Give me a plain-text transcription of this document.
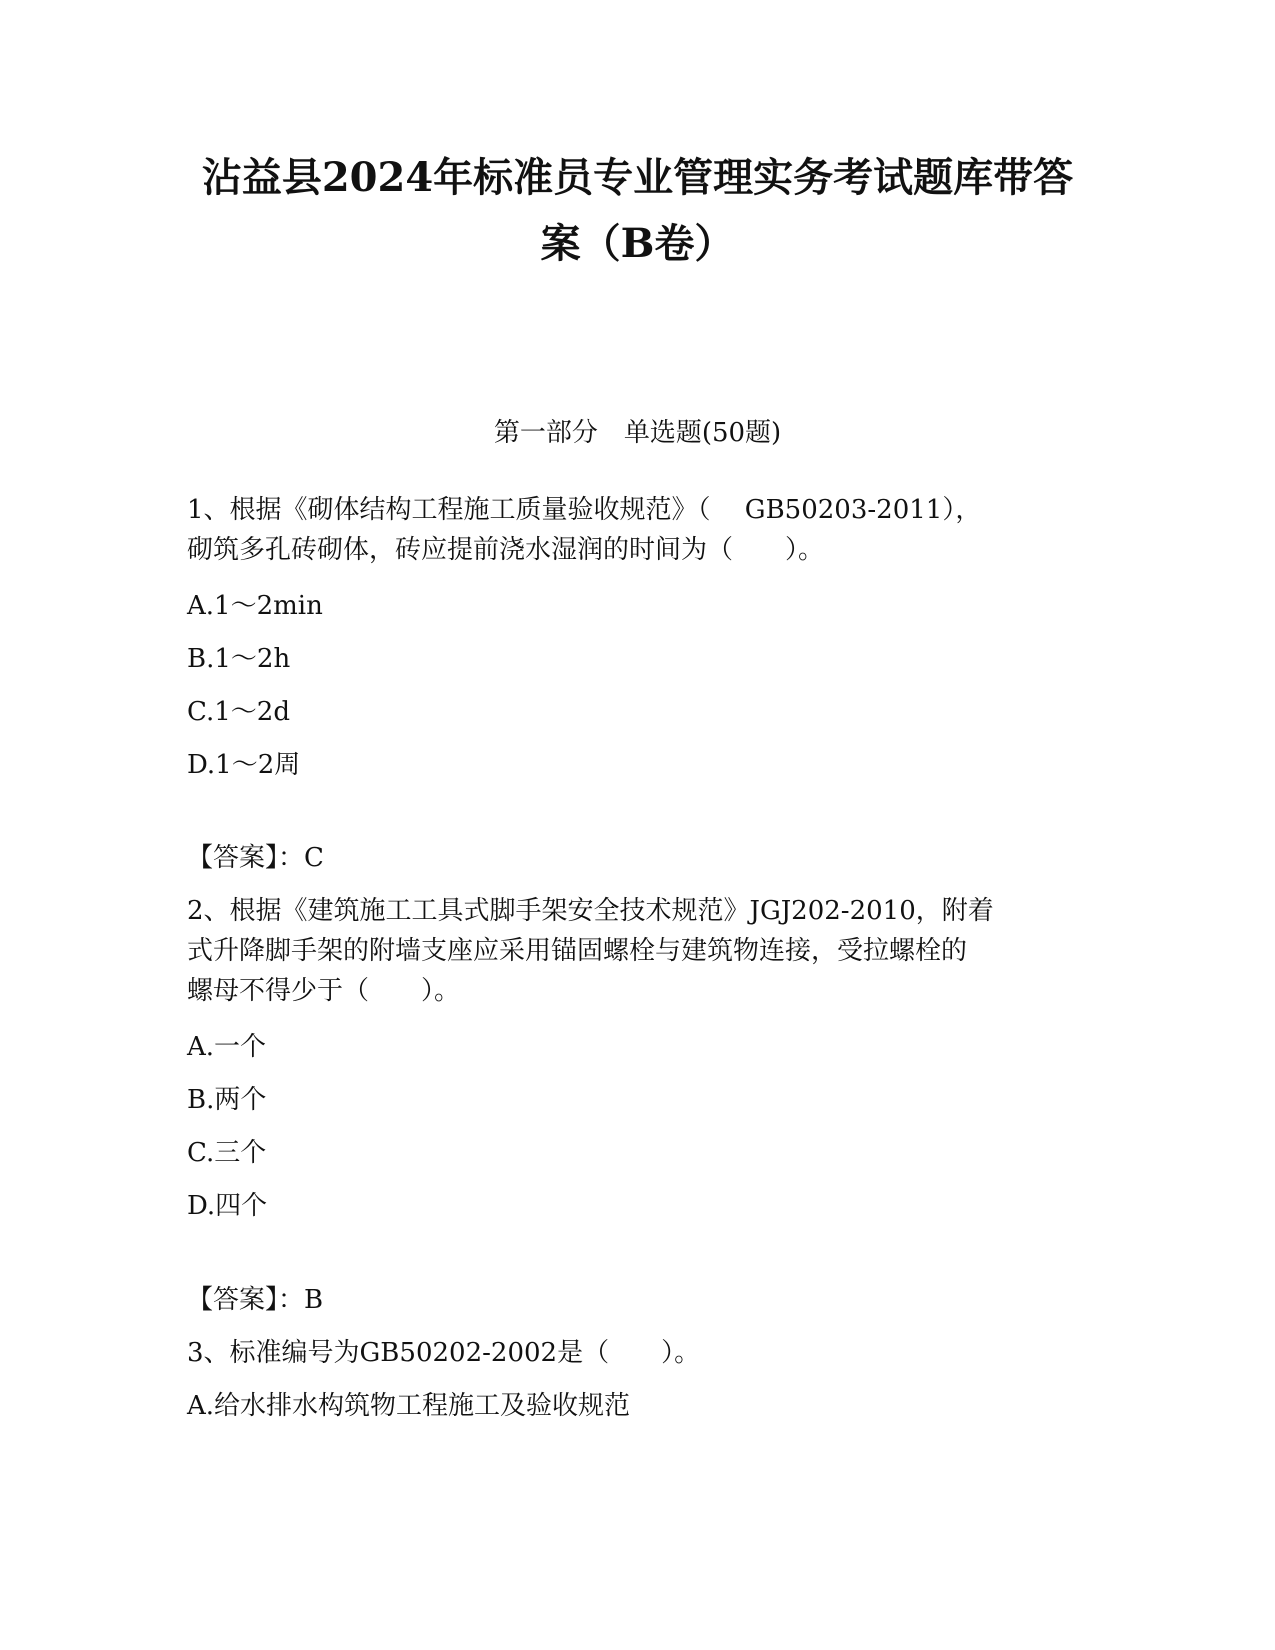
沾益县2024年标准员专业管理实务考试题库带答
案（B卷）
第一部分　单选题(50题)
1、根据《砌体结构工程施工质量验收规范》（　 GB50203-2011），
砌筑多孔砖砌体，砖应提前浇水湿润的时间为（　　）。
A.1～2min
B.1～2h
C.1～2d
D.1～2周
【答案】：C
2、根据《建筑施工工具式脚手架安全技术规范》JGJ202-2010，附着
式升降脚手架的附墙支座应采用锚固螺栓与建筑物连接，受拉螺栓的
螺母不得少于（　　）。
A.一个
B.两个
C.三个
D.四个
【答案】：B
3、标准编号为GB50202-2002是（　　）。
A.给水排水构筑物工程施工及验收规范
